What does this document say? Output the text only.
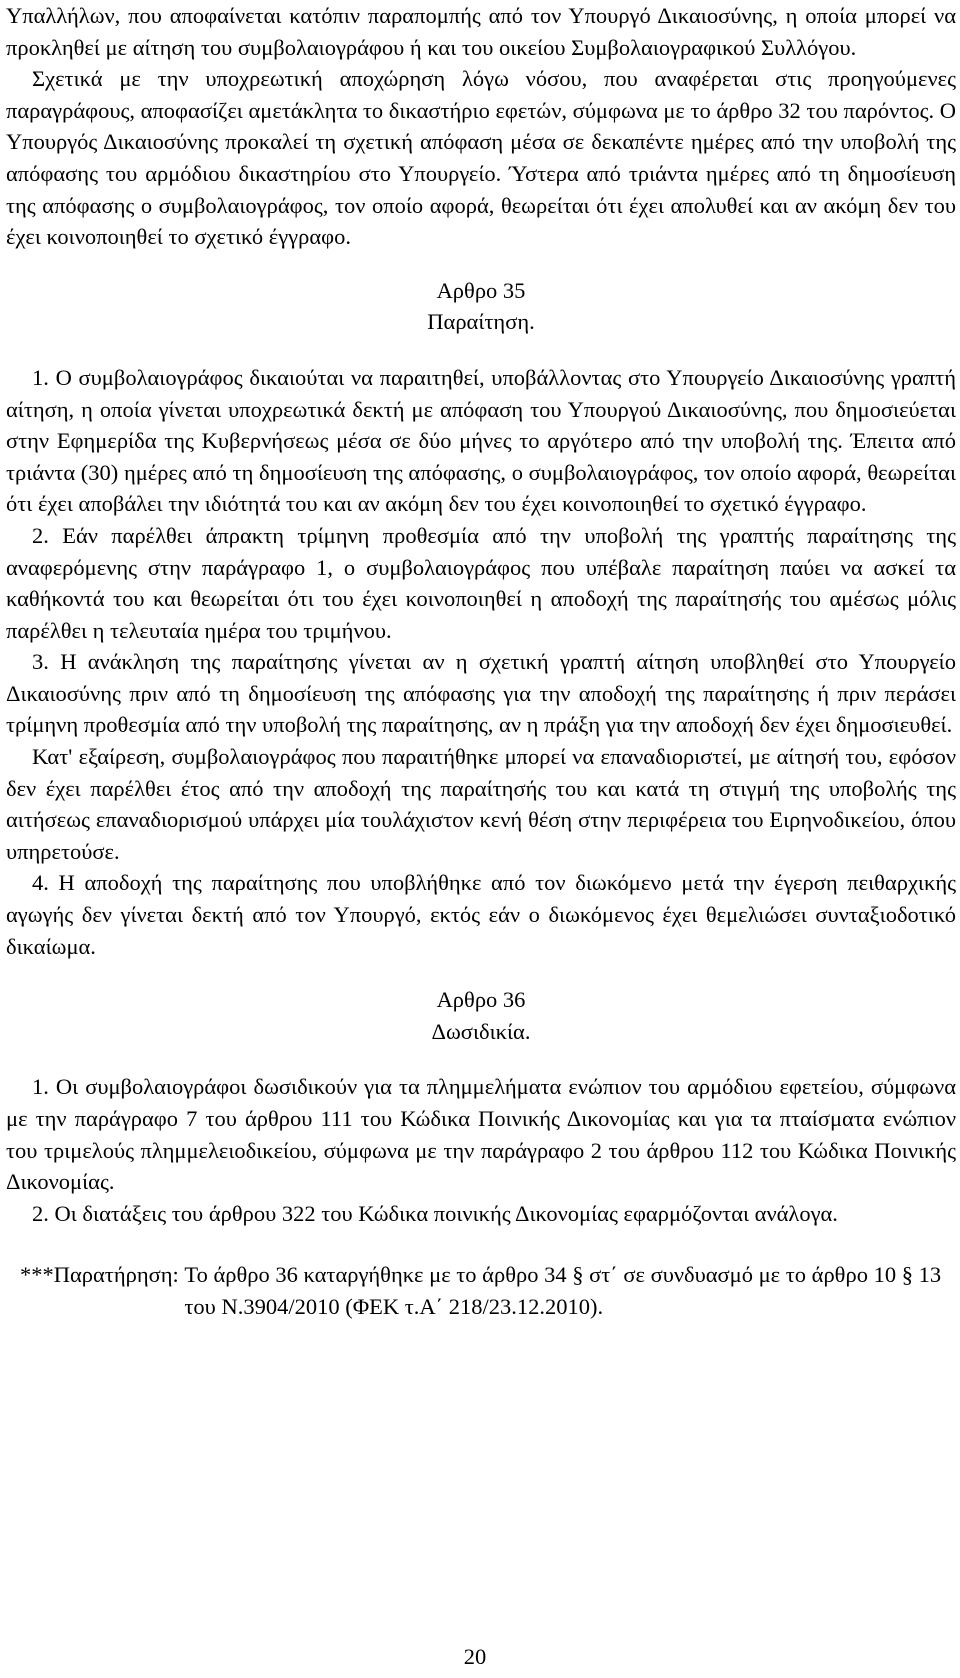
Υπαλλήλων, που αποφαίνεται κατόπιν παραπομπής από τον Υπουργό Δικαιοσύνης, η οποία μπορεί να προκληθεί με αίτηση του συμβολαιογράφου ή και του οικείου Συμβολαιογραφικού Συλλόγου.

Σχετικά με την υποχρεωτική αποχώρηση λόγω νόσου, που αναφέρεται στις προηγούμενες παραγράφους, αποφασίζει αμετάκλητα το δικαστήριο εφετών, σύμφωνα με το άρθρο 32 του παρόντος. Ο Υπουργός Δικαιοσύνης προκαλεί τη σχετική απόφαση μέσα σε δεκαπέντε ημέρες από την υποβολή της απόφασης του αρμόδιου δικαστηρίου στο Υπουργείο. Ύστερα από τριάντα ημέρες από τη δημοσίευση της απόφασης ο συμβολαιογράφος, τον οποίο αφορά, θεωρείται ότι έχει απολυθεί και αν ακόμη δεν του έχει κοινοποιηθεί το σχετικό έγγραφο.

Αρθρο 35

Παραίτηση.

1. Ο συμβολαιογράφος δικαιούται να παραιτηθεί, υποβάλλοντας στο Υπουργείο Δικαιοσύνης γραπτή αίτηση, η οποία γίνεται υποχρεωτικά δεκτή με απόφαση του Υπουργού Δικαιοσύνης, που δημοσιεύεται στην Εφημερίδα της Κυβερνήσεως μέσα σε δύο μήνες το αργότερο από την υποβολή της. Έπειτα από τριάντα (30) ημέρες από τη δημοσίευση της απόφασης, ο συμβολαιογράφος, τον οποίο αφορά, θεωρείται ότι έχει αποβάλει την ιδιότητά του και αν ακόμη δεν του έχει κοινοποιηθεί το σχετικό έγγραφο.

2. Εάν παρέλθει άπρακτη τρίμηνη προθεσμία από την υποβολή της γραπτής παραίτησης της αναφερόμενης στην παράγραφο 1, ο συμβολαιογράφος που υπέβαλε παραίτηση παύει να ασκεί τα καθήκοντά του και θεωρείται ότι του έχει κοινοποιηθεί η αποδοχή της παραίτησής του αμέσως μόλις παρέλθει η τελευταία ημέρα του τριμήνου.

3. Η ανάκληση της παραίτησης γίνεται αν η σχετική γραπτή αίτηση υποβληθεί στο Υπουργείο Δικαιοσύνης πριν από τη δημοσίευση της απόφασης για την αποδοχή της παραίτησης ή πριν περάσει τρίμηνη προθεσμία από την υποβολή της παραίτησης, αν η πράξη για την αποδοχή δεν έχει δημοσιευθεί.

Κατ' εξαίρεση, συμβολαιογράφος που παραιτήθηκε μπορεί να επαναδιοριστεί, με αίτησή του, εφόσον δεν έχει παρέλθει έτος από την αποδοχή της παραίτησής του και κατά τη στιγμή της υποβολής της αιτήσεως επαναδιορισμού υπάρχει μία τουλάχιστον κενή θέση στην περιφέρεια του Ειρηνοδικείου, όπου υπηρετούσε.

4. Η αποδοχή της παραίτησης που υποβλήθηκε από τον διωκόμενο μετά την έγερση πειθαρχικής αγωγής δεν γίνεται δεκτή από τον Υπουργό, εκτός εάν ο διωκόμενος έχει θεμελιώσει συνταξιοδοτικό δικαίωμα.

Αρθρο 36

Δωσιδικία.

1. Οι συμβολαιογράφοι δωσιδικούν για τα πλημμελήματα ενώπιον του αρμόδιου εφετείου, σύμφωνα με την παράγραφο 7 του άρθρου 111 του Κώδικα Ποινικής Δικονομίας και για τα πταίσματα ενώπιον του τριμελούς πλημμελειοδικείου, σύμφωνα με την παράγραφο 2 του άρθρου 112 του Κώδικα Ποινικής Δικονομίας.

2. Οι διατάξεις του άρθρου 322 του Κώδικα ποινικής Δικονομίας εφαρμόζονται ανάλογα.

***Παρατήρηση: Το άρθρο 36 καταργήθηκε με το άρθρο 34 § στ΄ σε συνδυασμό με το άρθρο 10 § 13 του Ν.3904/2010 (ΦΕΚ τ.Α΄ 218/23.12.2010).
20
